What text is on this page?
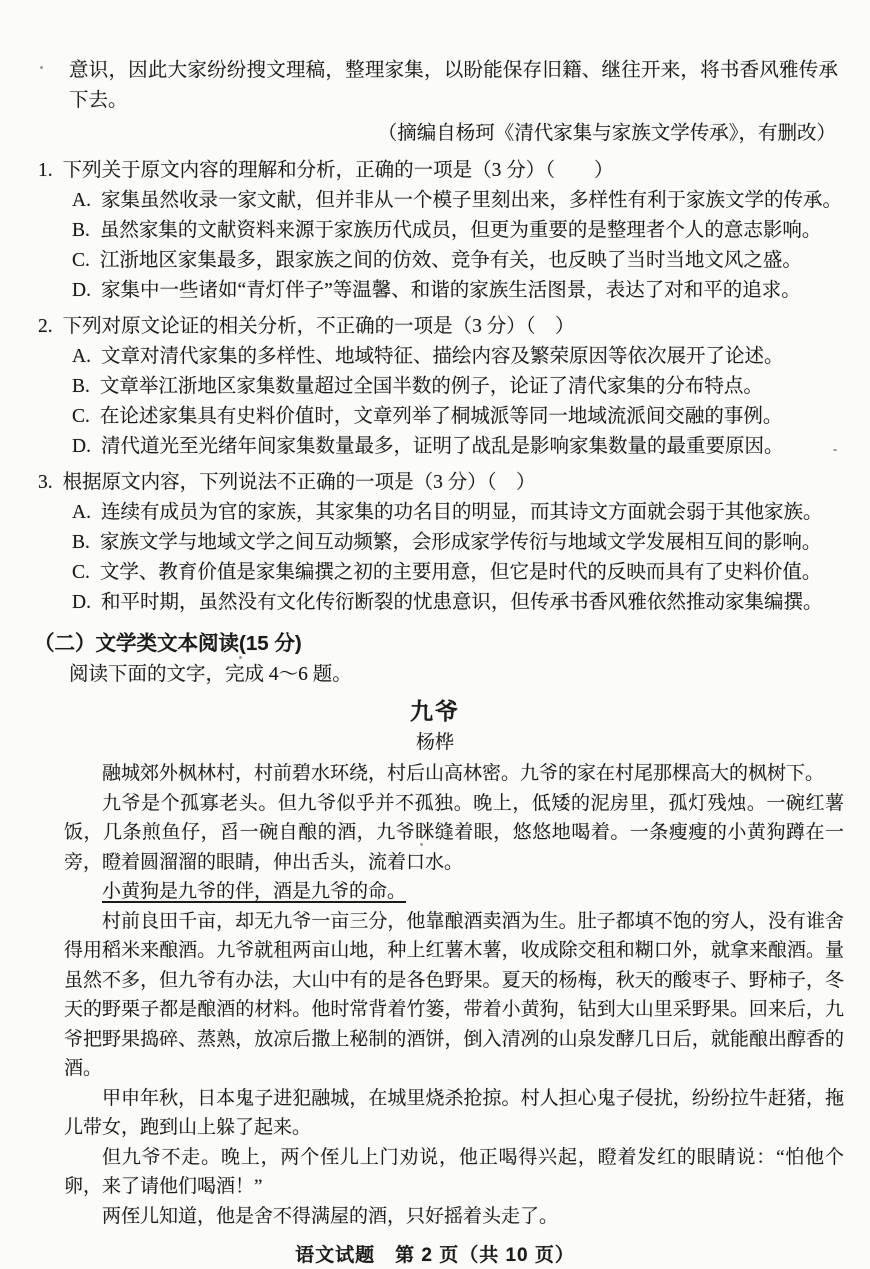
意识，因此大家纷纷搜文理稿，整理家集，以盼能保存旧籍、继往开来，将书香风雅传承下去。

（摘编自杨珂《清代家集与家族文学传承》，有删改）

1. 下列关于原文内容的理解和分析，正确的一项是（3 分）（　　）

A. 家集虽然收录一家文献，但并非从一个模子里刻出来，多样性有利于家族文学的传承。

B. 虽然家集的文献资料来源于家族历代成员，但更为重要的是整理者个人的意志影响。

C. 江浙地区家集最多，跟家族之间的仿效、竞争有关，也反映了当时当地文风之盛。

D. 家集中一些诸如“青灯伴子”等温馨、和谐的家族生活图景，表达了对和平的追求。

2. 下列对原文论证的相关分析，不正确的一项是（3 分）（　）

A. 文章对清代家集的多样性、地域特征、描绘内容及繁荣原因等依次展开了论述。

B. 文章举江浙地区家集数量超过全国半数的例子，论证了清代家集的分布特点。

C. 在论述家集具有史料价值时，文章列举了桐城派等同一地域流派间交融的事例。

D. 清代道光至光绪年间家集数量最多，证明了战乱是影响家集数量的最重要原因。

3. 根据原文内容，下列说法不正确的一项是（3 分）（　）

A. 连续有成员为官的家族，其家集的功名目的明显，而其诗文方面就会弱于其他家族。

B. 家族文学与地域文学之间互动频繁，会形成家学传衍与地域文学发展相互间的影响。

C. 文学、教育价值是家集编撰之初的主要用意，但它是时代的反映而具有了史料价值。

D. 和平时期，虽然没有文化传衍断裂的忧患意识，但传承书香风雅依然推动家集编撰。

（二）文学类文本阅读(15 分)

阅读下面的文字，完成 4～6 题。

九爷

杨桦

融城郊外枫林村，村前碧水环绕，村后山高林密。九爷的家在村尾那棵高大的枫树下。

九爷是个孤寡老头。但九爷似乎并不孤独。晚上，低矮的泥房里，孤灯残烛。一碗红薯饭，几条煎鱼仔，舀一碗自酿的酒，九爷眯缝着眼，悠悠地喝着。一条瘦瘦的小黄狗蹲在一旁，瞪着圆溜溜的眼睛，伸出舌头，流着口水。

小黄狗是九爷的伴，酒是九爷的命。

村前良田千亩，却无九爷一亩三分，他靠酿酒卖酒为生。肚子都填不饱的穷人，没有谁舍得用稻米来酿酒。九爷就租两亩山地，种上红薯木薯，收成除交租和糊口外，就拿来酿酒。量虽然不多，但九爷有办法，大山中有的是各色野果。夏天的杨梅，秋天的酸枣子、野柿子，冬天的野栗子都是酿酒的材料。他时常背着竹篓，带着小黄狗，钻到大山里采野果。回来后，九爷把野果捣碎、蒸熟，放凉后撒上秘制的酒饼，倒入清冽的山泉发酵几日后，就能酿出醇香的酒。

甲申年秋，日本鬼子进犯融城，在城里烧杀抢掠。村人担心鬼子侵扰，纷纷拉牛赶猪，拖儿带女，跑到山上躲了起来。

但九爷不走。晚上，两个侄儿上门劝说，他正喝得兴起，瞪着发红的眼睛说：“怕他个卵，来了请他们喝酒！”

两侄儿知道，他是舍不得满屋的酒，只好摇着头走了。

语文试题　第 2 页（共 10 页）
